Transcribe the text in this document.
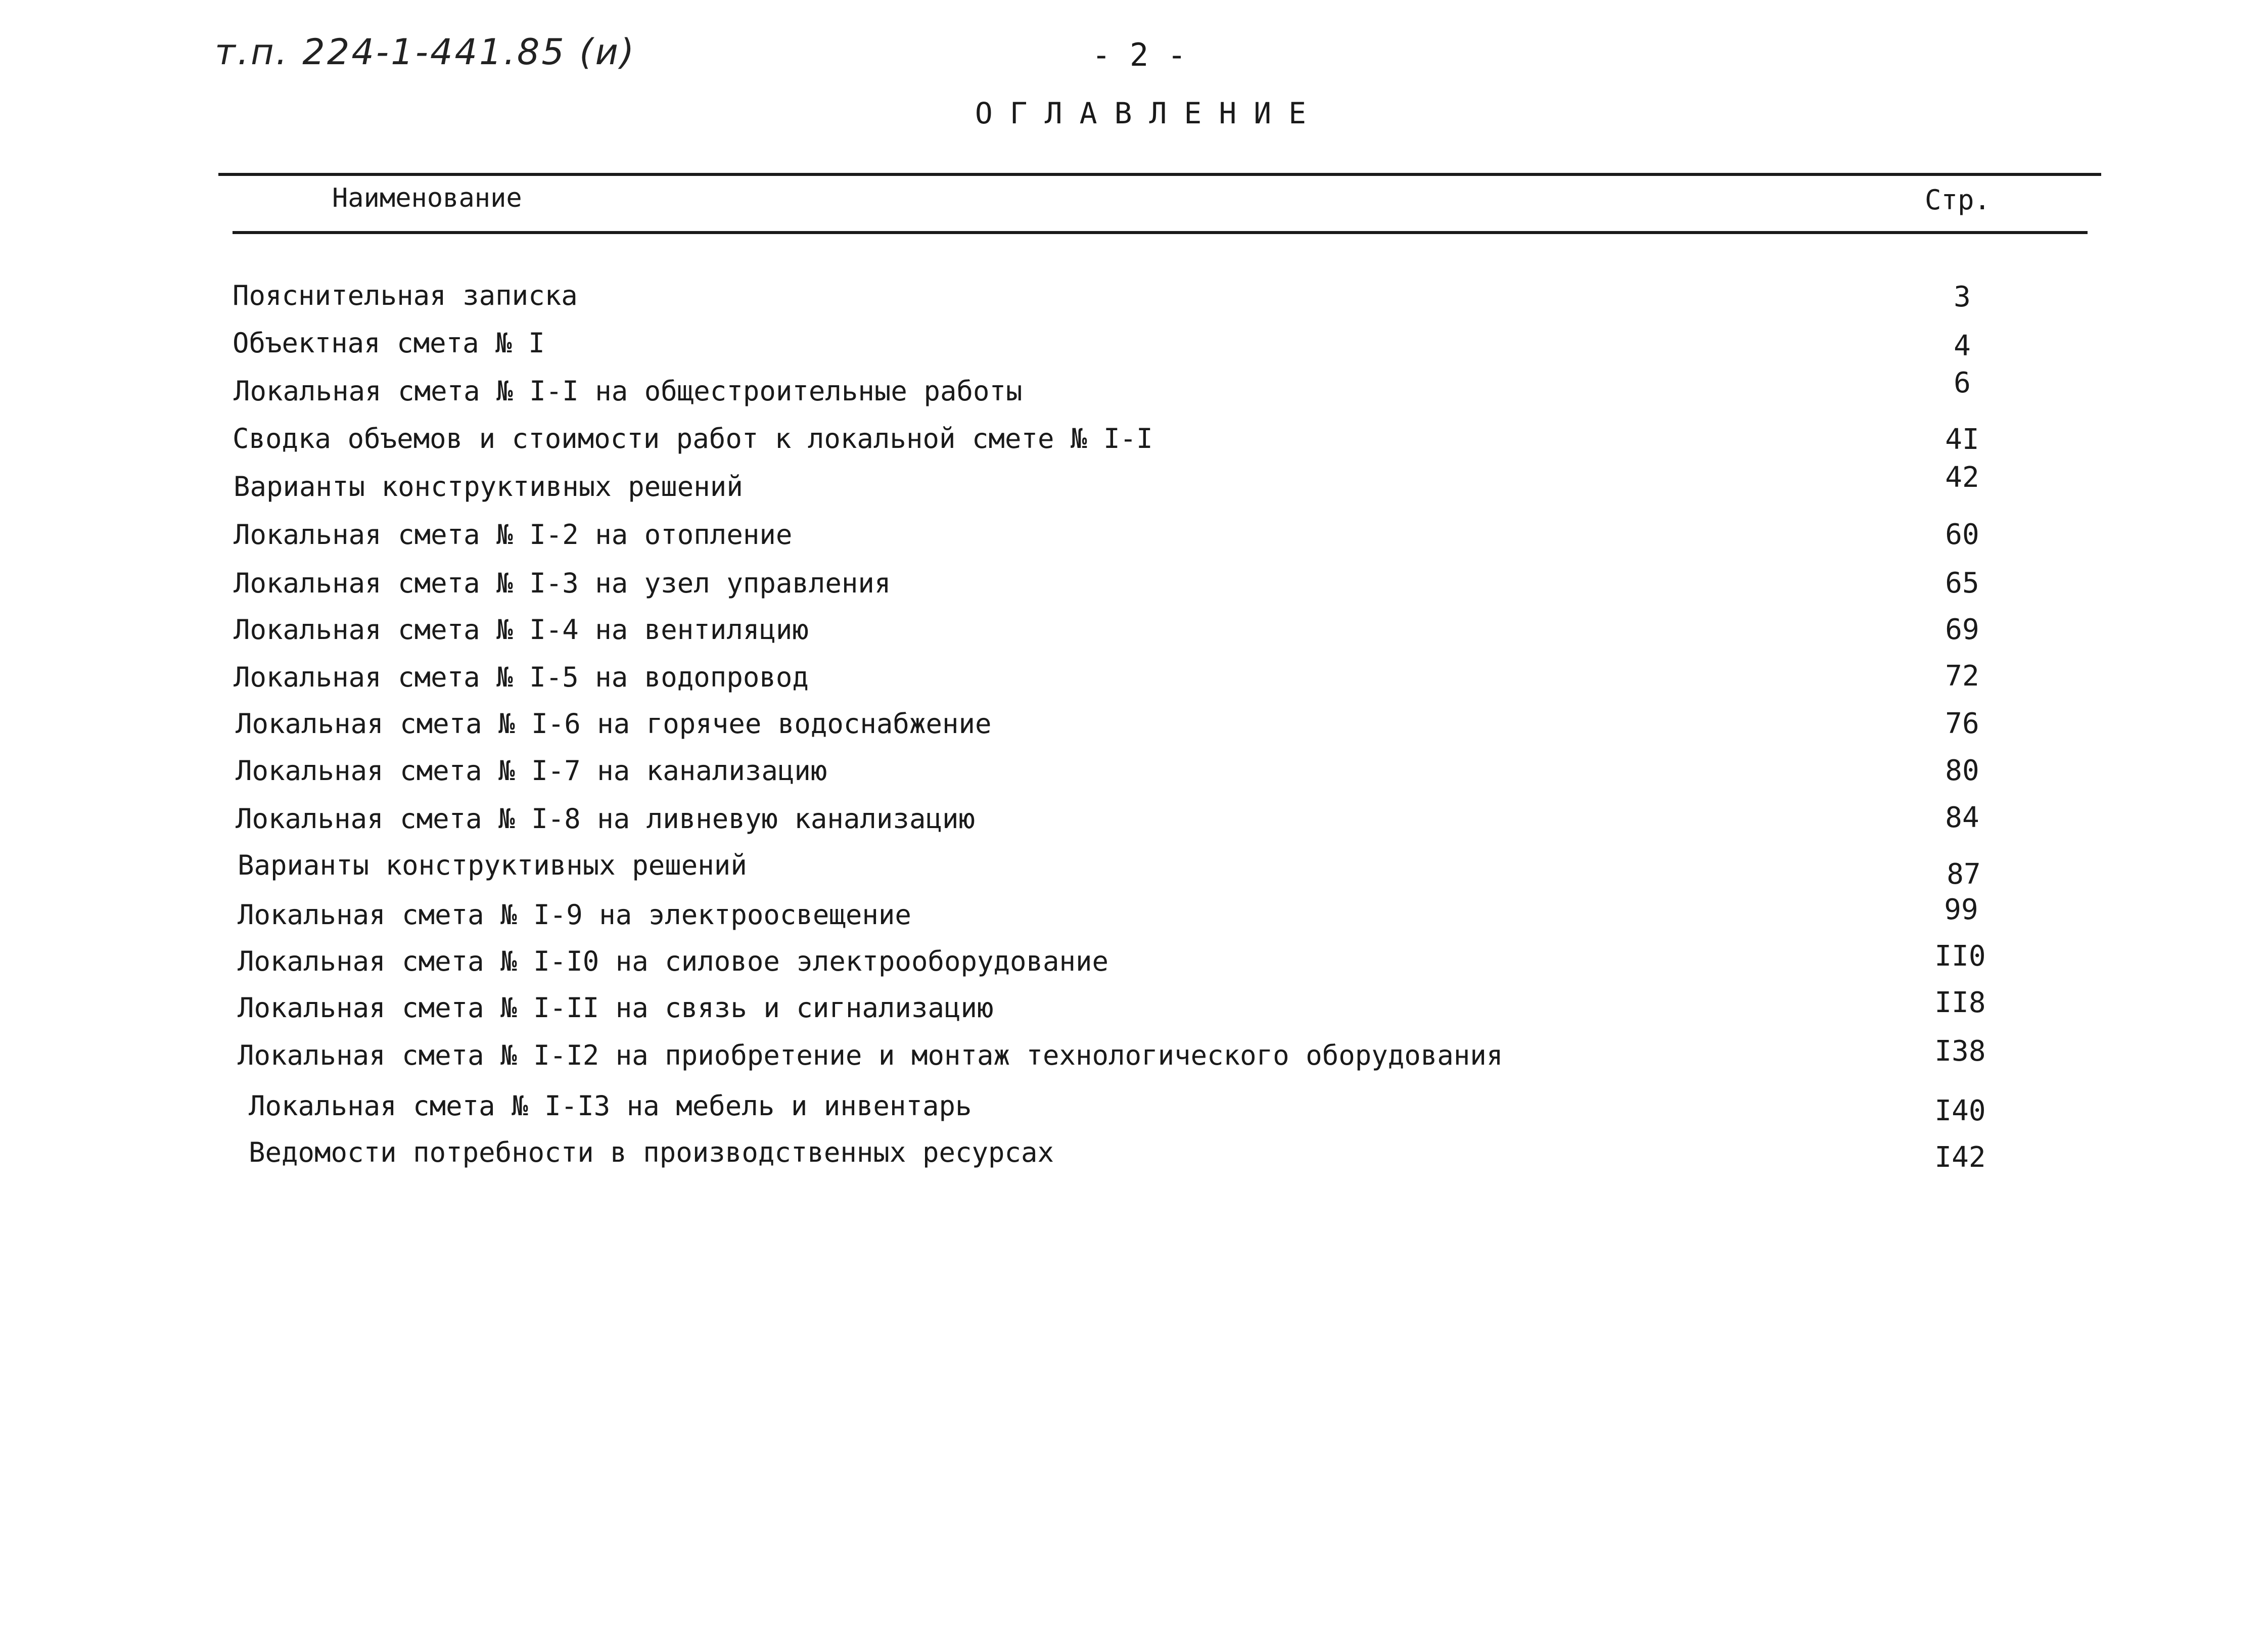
т.п. 224-1-441.85 (и)	- 2 -
ОГЛАВЛЕНИЕ
Наименование	Стр.
Пояснительная записка	3
Объектная смета № I	4
Локальная смета № I-I на общестроительные работы	6
Сводка объемов и стоимости работ к локальной смете № I-I	4I
Варианты конструктивных решений	42
Локальная смета № I-2 на отопление	60
Локальная смета № I-3 на узел управления	65
Локальная смета № I-4 на вентиляцию	69
Локальная смета № I-5 на водопровод	72
Локальная смета № I-6 на горячее водоснабжение	76
Локальная смета № I-7 на канализацию	80
Локальная смета № I-8 на ливневую канализацию	84
Варианты конструктивных решений	87
Локальная смета № I-9 на электроосвещение	99
Локальная смета № I-I0 на силовое электрооборудование	II0
Локальная смета № I-II на связь и сигнализацию	II8
Локальная смета № I-I2 на приобретение и монтаж технологического оборудования	I38
Локальная смета № I-I3 на мебель и инвентарь	I40
Ведомости потребности в производственных ресурсах	I42
